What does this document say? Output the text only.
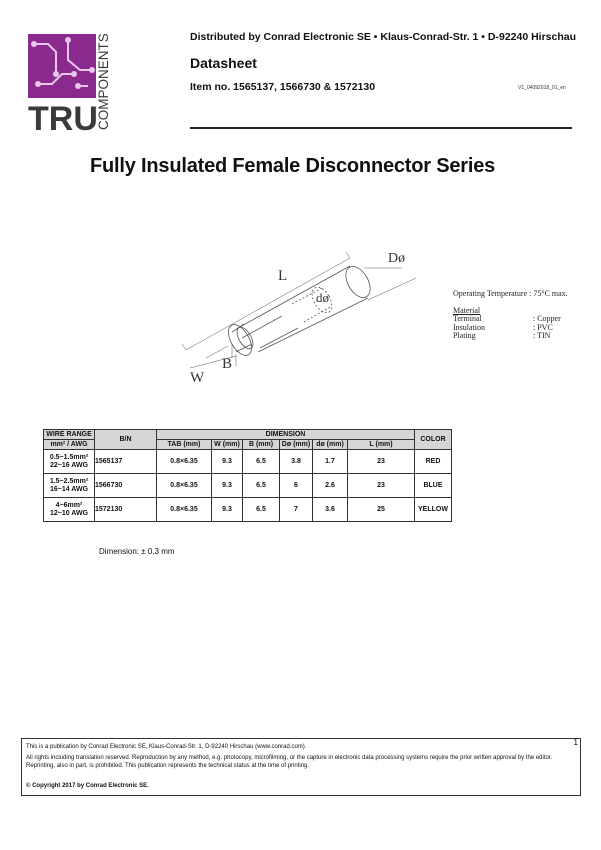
TRU
COMPONENTS	Distributed by Conrad Electronic SE • Klaus-Conrad-Str. 1 • D-92240 Hirschau
Datasheet
Item no. 1565137, 1566730 & 1572130	V1_04092018_01_en
Fully Insulated Female Disconnector Series
L
Dø
dø
B
W
Operating Temperature : 75°C max.
Material
Terminal	: Copper
Insulation	: PVC
Plating	: TIN
WIRE RANGE	B/N	DIMENSION						COLOR
mm² / AWG		TAB (mm)	W (mm)	B (mm)	Dø (mm)	dø (mm)	L (mm)	

0.5~1.5mm²
22~16 AWG	1565137	0.8×6.35	9.3	6.5	3.8	1.7	23	RED

1.5~2.5mm²
16~14 AWG	1566730	0.8×6.35	9.3	6.5	6	2.6	23	BLUE

4~6mm²
12~10 AWG	1572130	0.8×6.35	9.3	6.5	7	3.6	25	YELLOW
Dimension: ± 0.3 mm
This is a publication by Conrad Electronic SE, Klaus-Conrad-Str. 1, D-92240 Hirschau (www.conrad.com).
All rights including translation reserved. Reproduction by any method, e.g. photocopy, microfilming, or the capture in electronic data processing systems require the prior written approval by the editor. Reprinting, also in part, is prohibited. This publication represents the technical status at the time of printing.
© Copyright 2017 by Conrad Electronic SE.
1
